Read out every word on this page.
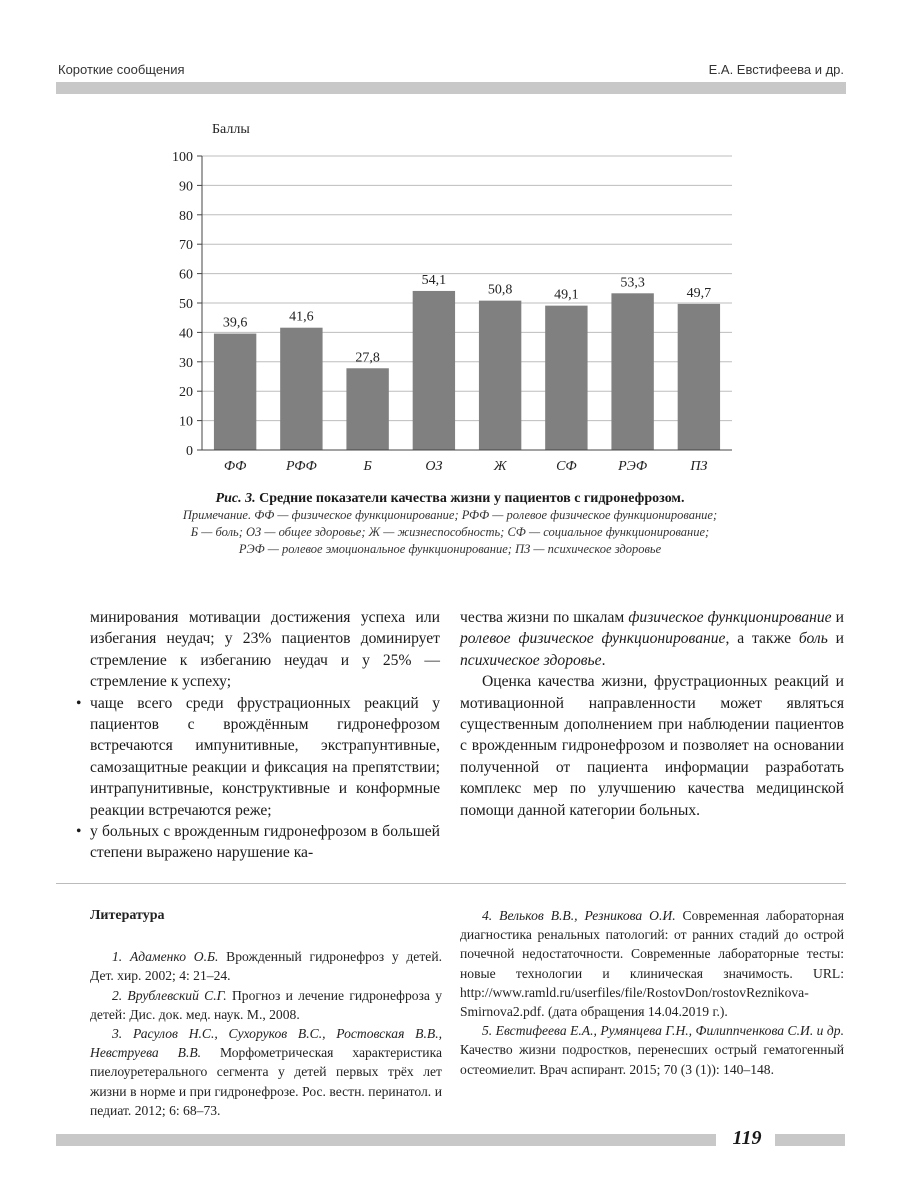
Короткие сообщения	Е.А. Евстифеева и др.
0
10
20
30
40
50
60
70
80
90
100
Баллы
39,6
ФФ
41,6
РФФ
27,8
Б
54,1
ОЗ
50,8
Ж
49,1
СФ
53,3
РЭФ
49,7
ПЗ
Рис. 3. Средние показатели качества жизни у пациентов с гидронефрозом.
Примечание. ФФ — физическое функционирование; РФФ — ролевое физическое функционирование;
Б — боль; ОЗ — общее здоровье; Ж — жизнеспособность; СФ — социальное функционирование;
РЭФ — ролевое эмоциональное функционирование; ПЗ — психическое здоровье

минирования мотивации достижения успеха или избегания неудач; у 23% пациентов доминирует стремление к избеганию неудач и у 25% — стремление к успеху;

• чаще всего среди фрустрационных реакций у пациентов с врождённым гидронефрозом встречаются импунитивные, экстрапунтивные, самозащитные реакции и фиксация на препятствии; интрапунитивные, конструктивные и конформные реакции встречаются реже;

• у больных с врожденным гидронефрозом в большей степени выражено нарушение ка-

чества жизни по шкалам физическое функционирование и ролевое физическое функционирование, а также боль и психическое здоровье.

Оценка качества жизни, фрустрационных реакций и мотивационной направленности может являться существенным дополнением при наблюдении пациентов с врожденным гидронефрозом и позволяет на основании полученной от пациента информации разработать комплекс мер по улучшению качества медицинской помощи данной категории больных.

Литература

1. Адаменко О.Б. Врожденный гидронефроз у детей. Дет. хир. 2002; 4: 21–24.

2. Врублевский С.Г. Прогноз и лечение гидронефроза у детей: Дис. док. мед. наук. М., 2008.

3. Расулов Н.С., Сухоруков В.С., Ростовская В.В., Невструева В.В. Морфометрическая характеристика пиелоуретерального сегмента у детей первых трёх лет жизни в норме и при гидронефрозе. Рос. вестн. перинатол. и педиат. 2012; 6: 68–73.

4. Вельков В.В., Резникова О.И. Современная лабораторная диагностика ренальных патологий: от ранних стадий до острой почечной недостаточности. Современные лабораторные тесты: новые технологии и клиническая значимость. URL: http://www.ramld.ru/userfiles/file/RostovDon/rostovReznikova-Smirnova2.pdf. (дата обращения 14.04.2019 г.).

5. Евстифеева Е.А., Румянцева Г.Н., Филиппченкова С.И. и др. Качество жизни подростков, перенесших острый гематогенный остеомиелит. Врач аспирант. 2015; 70 (3 (1)): 140–148.

119
